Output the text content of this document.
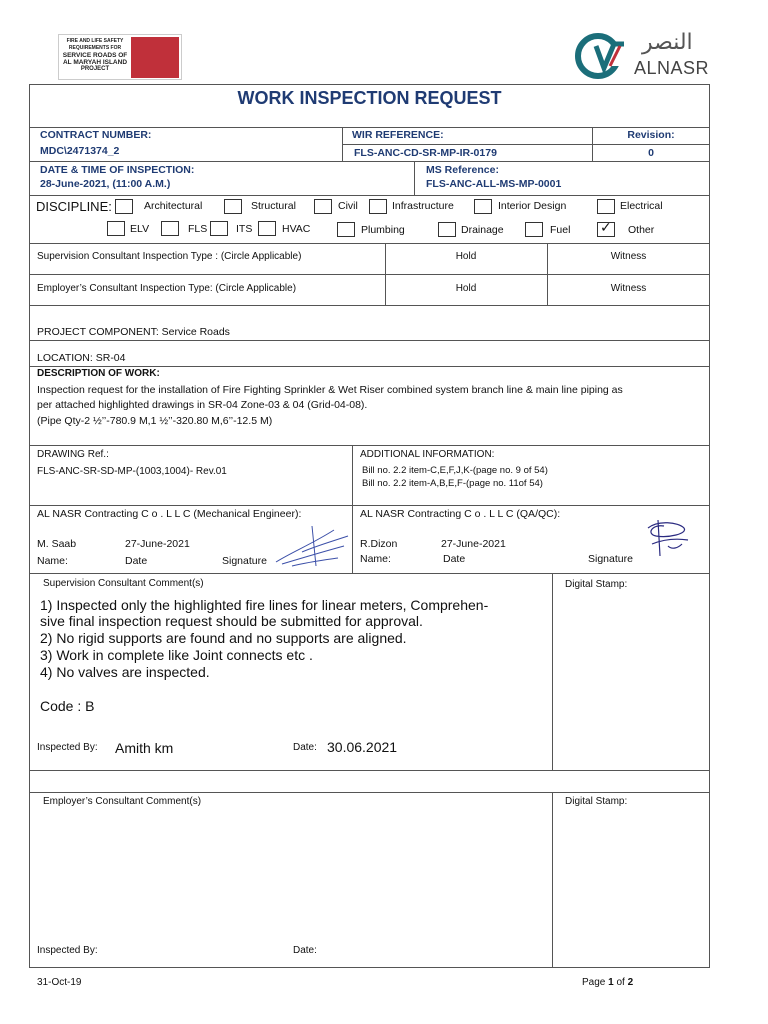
FIRE AND LIFE SAFETY
REQUIREMENTS FOR
SERVICE ROADS OF
AL MARYAH ISLAND
PROJECT
النصر
ALNASR
WORK INSPECTION REQUEST
CONTRACT NUMBER:
MDC\2471374_2
WIR REFERENCE:
FLS-ANC-CD-SR-MP-IR-0179
Revision:
0
DATE & TIME OF INSPECTION:
28-June-2021, (11:00 A.M.)
MS Reference:
FLS-ANC-ALL-MS-MP-0001
DISCIPLINE:	Architectural	Structural	Civil	Infrastructure	Interior Design	Electrical
ELV	FLS	ITS	HVAC	Plumbing	Drainage	Fuel ✓ Other
Supervision Consultant Inspection Type : (Circle Applicable)	Hold	Witness
Employer’s Consultant Inspection Type: (Circle Applicable)	Hold	Witness
PROJECT COMPONENT: Service Roads
LOCATION: SR-04
DESCRIPTION OF WORK:
Inspection request for the installation of Fire Fighting Sprinkler & Wet Riser combined system branch line & main line piping as
per attached highlighted drawings in SR-04 Zone-03 & 04 (Grid-04-08).
(Pipe Qty-2 ½’’-780.9 M,1 ½’’-320.80 M,6’’-12.5 M)
DRAWING Ref.:
FLS-ANC-SR-SD-MP-(1003,1004)- Rev.01
ADDITIONAL INFORMATION:
Bill no. 2.2 item-C,E,F,J,K-(page no. 9 of 54)
Bill no. 2.2 item-A,B,E,F-(page no. 11of 54)
AL NASR Contracting C o . L L C (Mechanical Engineer):
M. Saab	27-June-2021
Name:	Date	Signature
AL NASR Contracting C o . L L C (QA/QC):
R.Dizon	27-June-2021
Name:	Date	Signature
Supervision Consultant Comment(s)	Digital Stamp:
1) Inspected only the highlighted fire lines for linear meters, Comprehen-
sive final inspection request should be submitted for approval.
2) No rigid supports are found and no supports are aligned.
3) Work in complete like Joint connects etc .
4) No valves are inspected.
Code : B
Inspected By: Amith km	Date: 30.06.2021
Employer’s Consultant Comment(s)	Digital Stamp:
Inspected By:	Date:
31-Oct-19	Page 1 of 2
